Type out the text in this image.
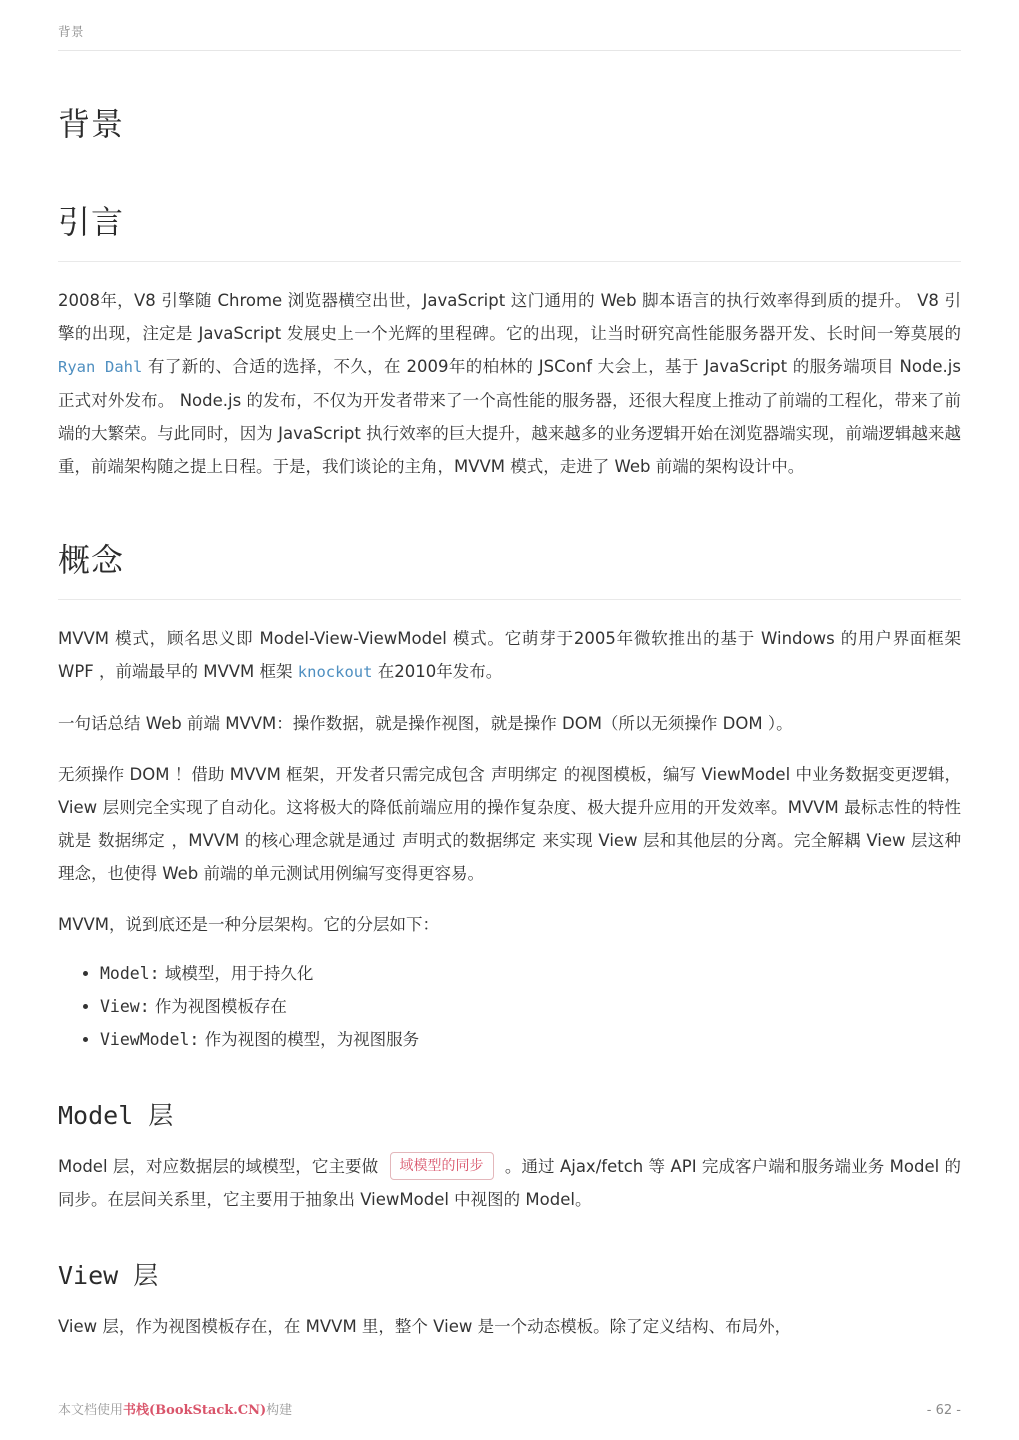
背景
背景
引言

2008年，V8 引擎随 Chrome 浏览器横空出世，JavaScript 这门通用的 Web 脚本语言的执行效率得到质的提升。 V8 引擎的出现，注定是 JavaScript 发展史上一个光辉的里程碑。它的出现，让当时研究高性能服务器开发、长时间一筹莫展的 Ryan Dahl 有了新的、合适的选择，不久，在 2009年的柏林的 JSConf 大会上，基于 JavaScript 的服务端项目 Node.js 正式对外发布。 Node.js 的发布，不仅为开发者带来了一个高性能的服务器，还很大程度上推动了前端的工程化，带来了前端的大繁荣。与此同时，因为 JavaScript 执行效率的巨大提升，越来越多的业务逻辑开始在浏览器端实现，前端逻辑越来越重，前端架构随之提上日程。于是，我们谈论的主角，MVVM 模式，走进了 Web 前端的架构设计中。

概念

MVVM 模式，顾名思义即 Model-View-ViewModel 模式。它萌芽于2005年微软推出的基于 Windows 的用户界面框架 WPF ，前端最早的 MVVM 框架 knockout 在2010年发布。

一句话总结 Web 前端 MVVM：操作数据，就是操作视图，就是操作 DOM（所以无须操作 DOM ）。

无须操作 DOM ！借助 MVVM 框架，开发者只需完成包含 声明绑定 的视图模板，编写 ViewModel 中业务数据变更逻辑，View 层则完全实现了自动化。这将极大的降低前端应用的操作复杂度、极大提升应用的开发效率。MVVM 最标志性的特性就是 数据绑定 ，MVVM 的核心理念就是通过 声明式的数据绑定 来实现 View 层和其他层的分离。完全解耦 View 层这种理念，也使得 Web 前端的单元测试用例编写变得更容易。

MVVM，说到底还是一种分层架构。它的分层如下：

• Model: 域模型，用于持久化
• View: 作为视图模板存在
• ViewModel: 作为视图的模型，为视图服务
Model 层

Model 层，对应数据层的域模型，它主要做 域模型的同步 。通过 Ajax/fetch 等 API 完成客户端和服务端业务 Model 的同步。在层间关系里，它主要用于抽象出 ViewModel 中视图的 Model。

View 层

View 层，作为视图模板存在，在 MVVM 里，整个 View 是一个动态模板。除了定义结构、布局外，

本文档使用书栈(BookStack.CN)构建	- 62 -
